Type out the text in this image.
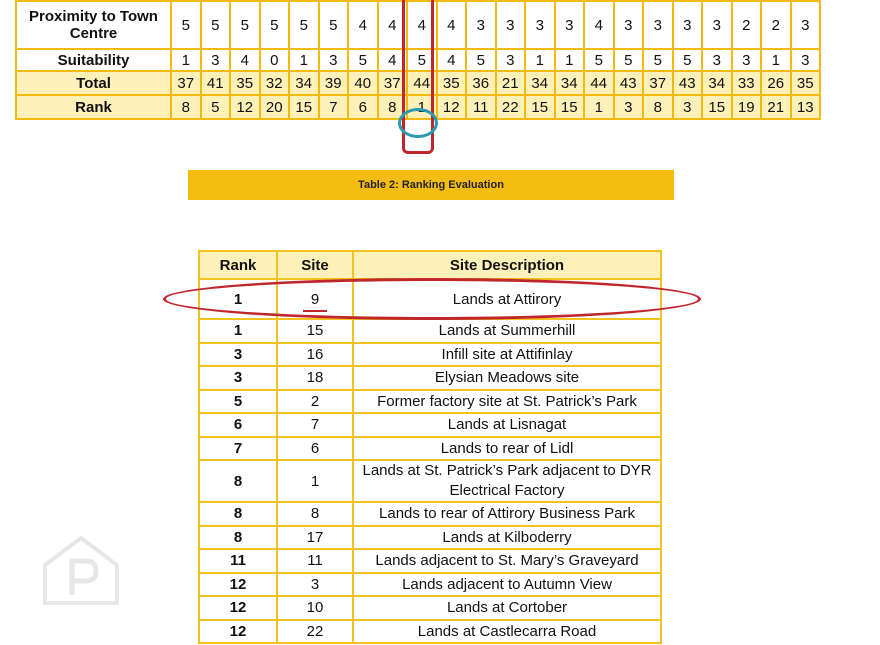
Proximity to Town Centre	5	5	5	5	5	5	4	4	4	4	3	3	3	3	4	3	3	3	3	2	2	3
Suitability	1	3	4	0	1	3	5	4	5	4	5	3	1	1	5	5	5	5	3	3	1	3
Total	37	41	35	32	34	39	40	37	44	35	36	21	34	34	44	43	37	43	34	33	26	35
Rank	8	5	12	20	15	7	6	8	1	12	11	22	15	15	1	3	8	3	15	19	21	13
Table 2: Ranking Evaluation
Rank	Site	Site Description
1	9	Lands at Attirory
1	15	Lands at Summerhill
3	16	Infill site at Attifinlay
3	18	Elysian Meadows site
5	2	Former factory site at St. Patrick’s Park
6	7	Lands at Lisnagat
7	6	Lands to rear of Lidl
8	1	Lands at St. Patrick’s Park adjacent to DYR Electrical Factory
8	8	Lands to rear of Attirory Business Park
8	17	Lands at Kilboderry
11	11	Lands adjacent to St. Mary’s Graveyard
12	3	Lands adjacent to Autumn View
12	10	Lands at Cortober
12	22	Lands at Castlecarra Road
